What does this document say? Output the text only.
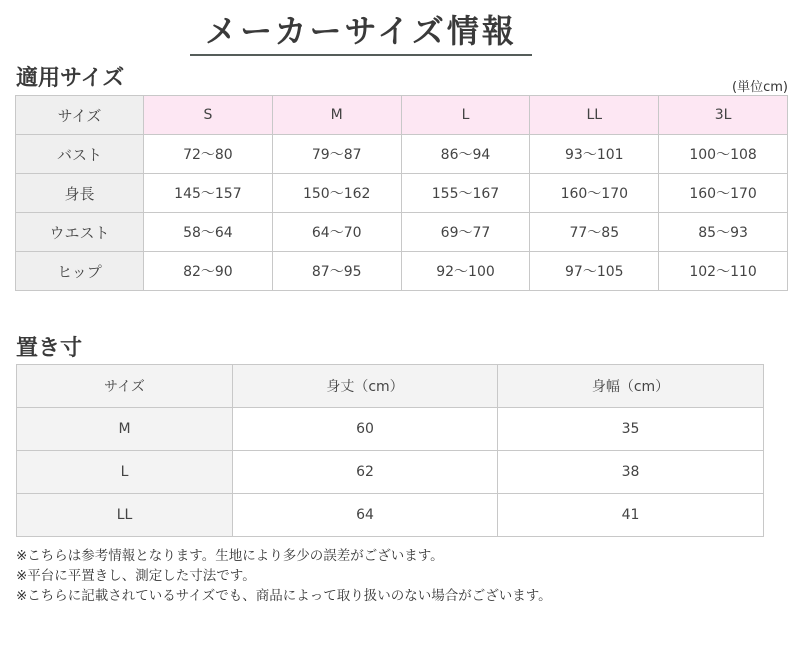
メーカーサイズ情報
適用サイズ	(単位cm)
サイズ	S	M	L	LL	3L
バスト	72〜80	79〜87	86〜94	93〜101	100〜108
身長	145〜157	150〜162	155〜167	160〜170	160〜170
ウエスト	58〜64	64〜70	69〜77	77〜85	85〜93
ヒップ	82〜90	87〜95	92〜100	97〜105	102〜110
置き寸
サイズ	身丈（cm）	身幅（cm）
M	60	35
L	62	38
LL	64	41
※こちらは参考情報となります。生地により多少の誤差がございます。
※平台に平置きし、測定した寸法です。
※こちらに記載されているサイズでも、商品によって取り扱いのない場合がございます。
